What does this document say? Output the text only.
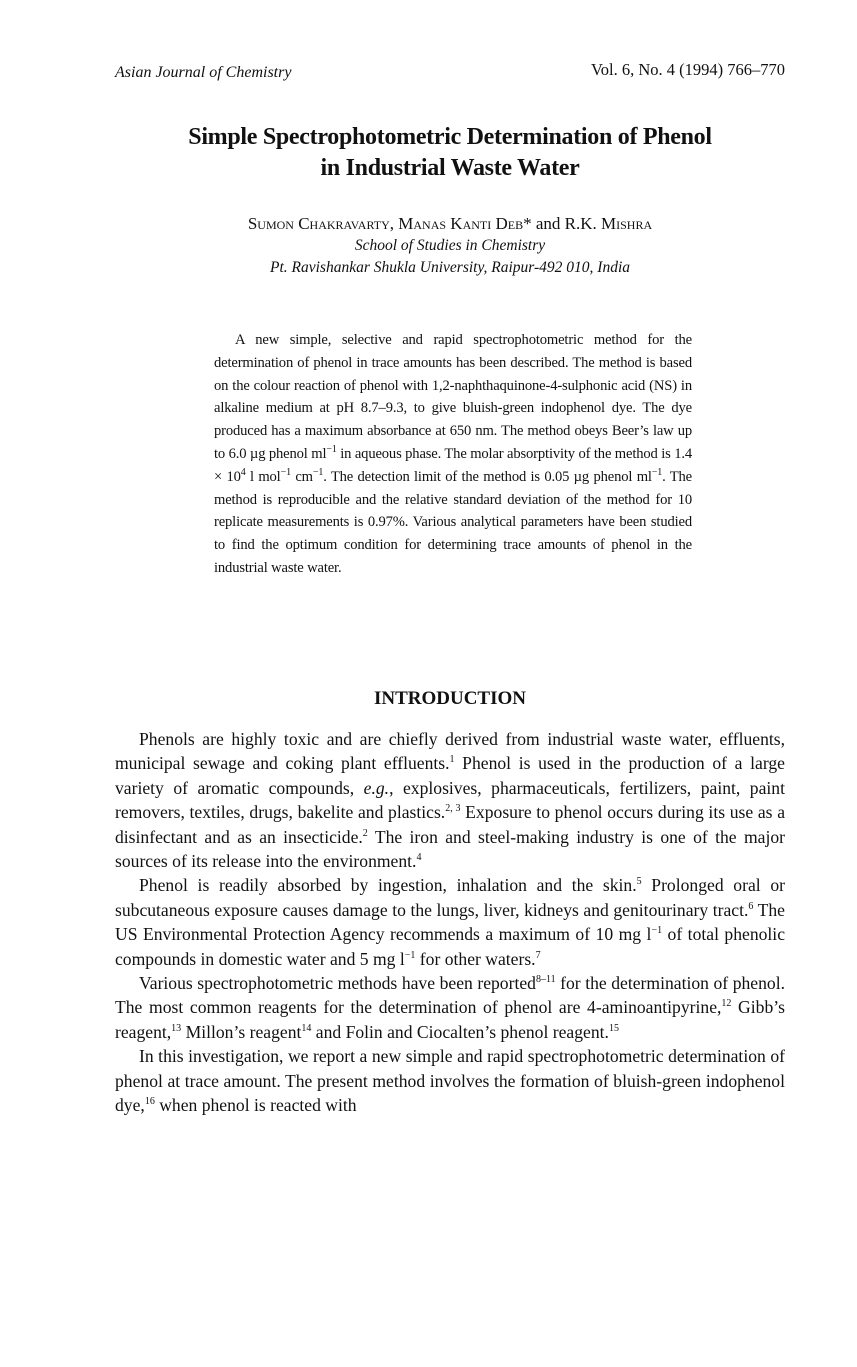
Asian Journal of Chemistry	Vol. 6, No. 4 (1994) 766–770
Simple Spectrophotometric Determination of Phenol
in Industrial Waste Water
Sumon Chakravarty, Manas Kanti Deb* and R.K. Mishra
School of Studies in Chemistry
Pt. Ravishankar Shukla University, Raipur-492 010, India

A new simple, selective and rapid spectrophotometric method for the determination of phenol in trace amounts has been described. The method is based on the colour reaction of phenol with 1,2-naphthaquinone-4-sulphonic acid (NS) in alkaline medium at pH 8.7–9.3, to give bluish-green indophenol dye. The dye produced has a maximum absorbance at 650 nm. The method obeys Beer’s law up to 6.0 µg phenol $ml^{-1}$ in aqueous phase. The molar absorptivity of the method is $1.4 \times 10^4$ l mol$^{-1}$ $cm^{-1}$. The detection limit of the method is 0.05 µg phenol $ml^{-1}$. The method is reproducible and the relative standard deviation of the method for 10 replicate measurements is 0.97%. Various analytical parameters have been studied to find the optimum condition for determining trace amounts of phenol in the industrial waste water.

INTRODUCTION

Phenols are highly toxic and are chiefly derived from industrial waste water, effluents, municipal sewage and coking plant effluents.$^1$ Phenol is used in the production of a large variety of aromatic compounds, e.g., explosives, pharmaceuticals, fertilizers, paint, paint removers, textiles, drugs, bakelite and plastics.$^{2, 3}$ Exposure to phenol occurs during its use as a disinfectant and as an insecticide.$^2$ The iron and steel-making industry is one of the major sources of its release into the environment.$^4$

Phenol is readily absorbed by ingestion, inhalation and the skin.$^5$ Prolonged oral or subcutaneous exposure causes damage to the lungs, liver, kidneys and genitourinary tract.$^6$ The US Environmental Protection Agency recommends a maximum of 10 mg $l^{-1}$ of total phenolic compounds in domestic water and 5 mg $l^{-1}$ for other waters.$^7$

Various spectrophotometric methods have been reported$^{8-11}$ for the determination of phenol. The most common reagents for the determination of phenol are 4-aminoantipyrine,$^{12}$ Gibb’s reagent,$^{13}$ Millon’s reagent$^{14}$ and Folin and Ciocalten’s phenol reagent.$^{15}$

In this investigation, we report a new simple and rapid spectrophotometric determination of phenol at trace amount. The present method involves the formation of bluish-green indophenol dye,$^{16}$ when phenol is reacted with
